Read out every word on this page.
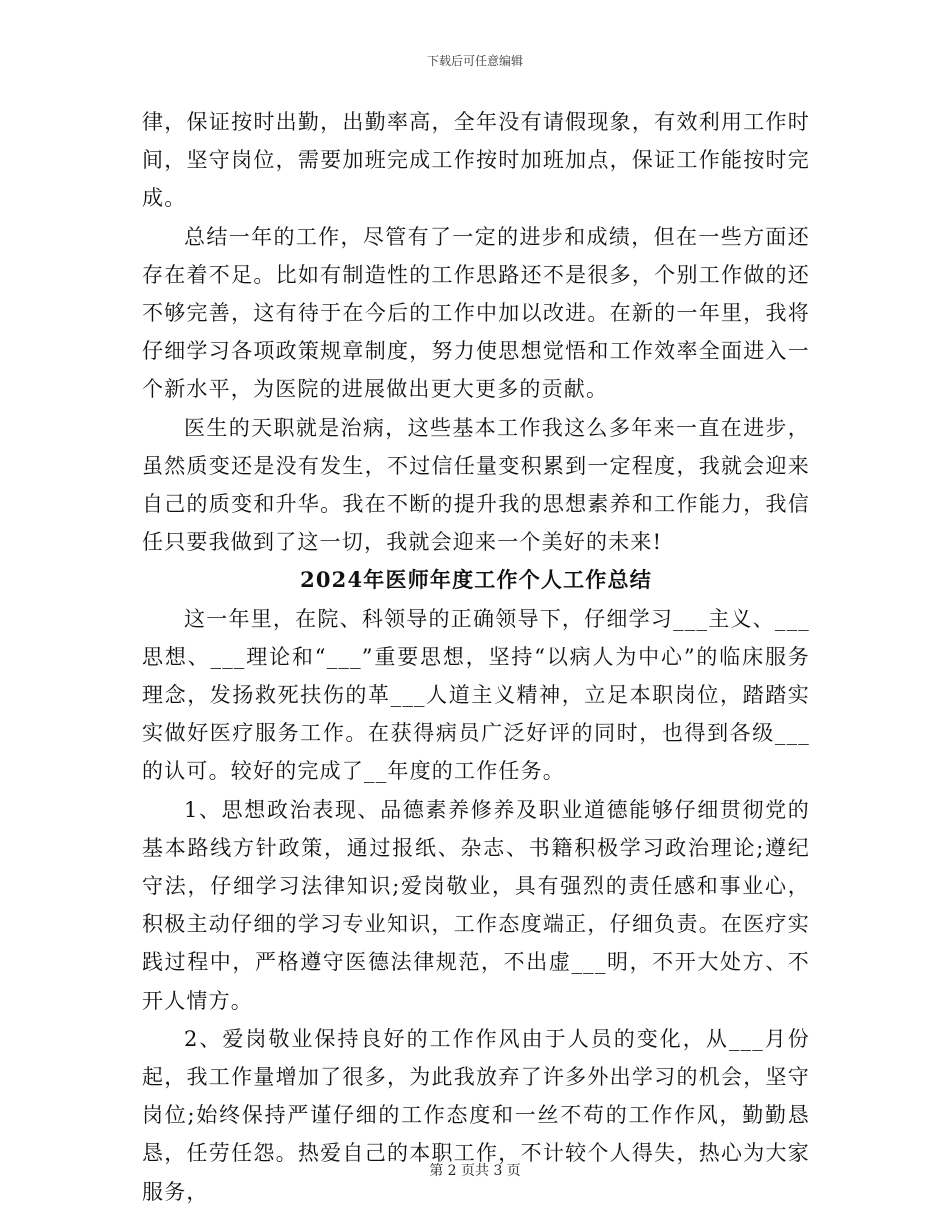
下载后可任意编辑

律，保证按时出勤，出勤率高，全年没有请假现象，有效利用工作时间，坚守岗位，需要加班完成工作按时加班加点，保证工作能按时完成。

总结一年的工作，尽管有了一定的进步和成绩，但在一些方面还存在着不足。比如有制造性的工作思路还不是很多，个别工作做的还不够完善，这有待于在今后的工作中加以改进。在新的一年里，我将仔细学习各项政策规章制度，努力使思想觉悟和工作效率全面进入一个新水平，为医院的进展做出更大更多的贡献。

医生的天职就是治病，这些基本工作我这么多年来一直在进步，虽然质变还是没有发生，不过信任量变积累到一定程度，我就会迎来自己的质变和升华。我在不断的提升我的思想素养和工作能力，我信任只要我做到了这一切，我就会迎来一个美好的未来!

2024年医师年度工作个人工作总结

这一年里，在院、科领导的正确领导下，仔细学习___主义、___思想、___理论和“___”重要思想，坚持“以病人为中心”的临床服务理念，发扬救死扶伤的革___人道主义精神，立足本职岗位，踏踏实实做好医疗服务工作。在获得病员广泛好评的同时，也得到各级___的认可。较好的完成了__年度的工作任务。

1、思想政治表现、品德素养修养及职业道德能够仔细贯彻党的基本路线方针政策，通过报纸、杂志、书籍积极学习政治理论;遵纪守法，仔细学习法律知识;爱岗敬业，具有强烈的责任感和事业心，积极主动仔细的学习专业知识，工作态度端正，仔细负责。在医疗实践过程中，严格遵守医德法律规范，不出虚___明，不开大处方、不开人情方。

2、爱岗敬业保持良好的工作作风由于人员的变化，从___月份起，我工作量增加了很多，为此我放弃了许多外出学习的机会，坚守岗位;始终保持严谨仔细的工作态度和一丝不苟的工作作风，勤勤恳恳，任劳任怨。热爱自己的本职工作，不计较个人得失，热心为大家服务，

第 2 页共 3 页
